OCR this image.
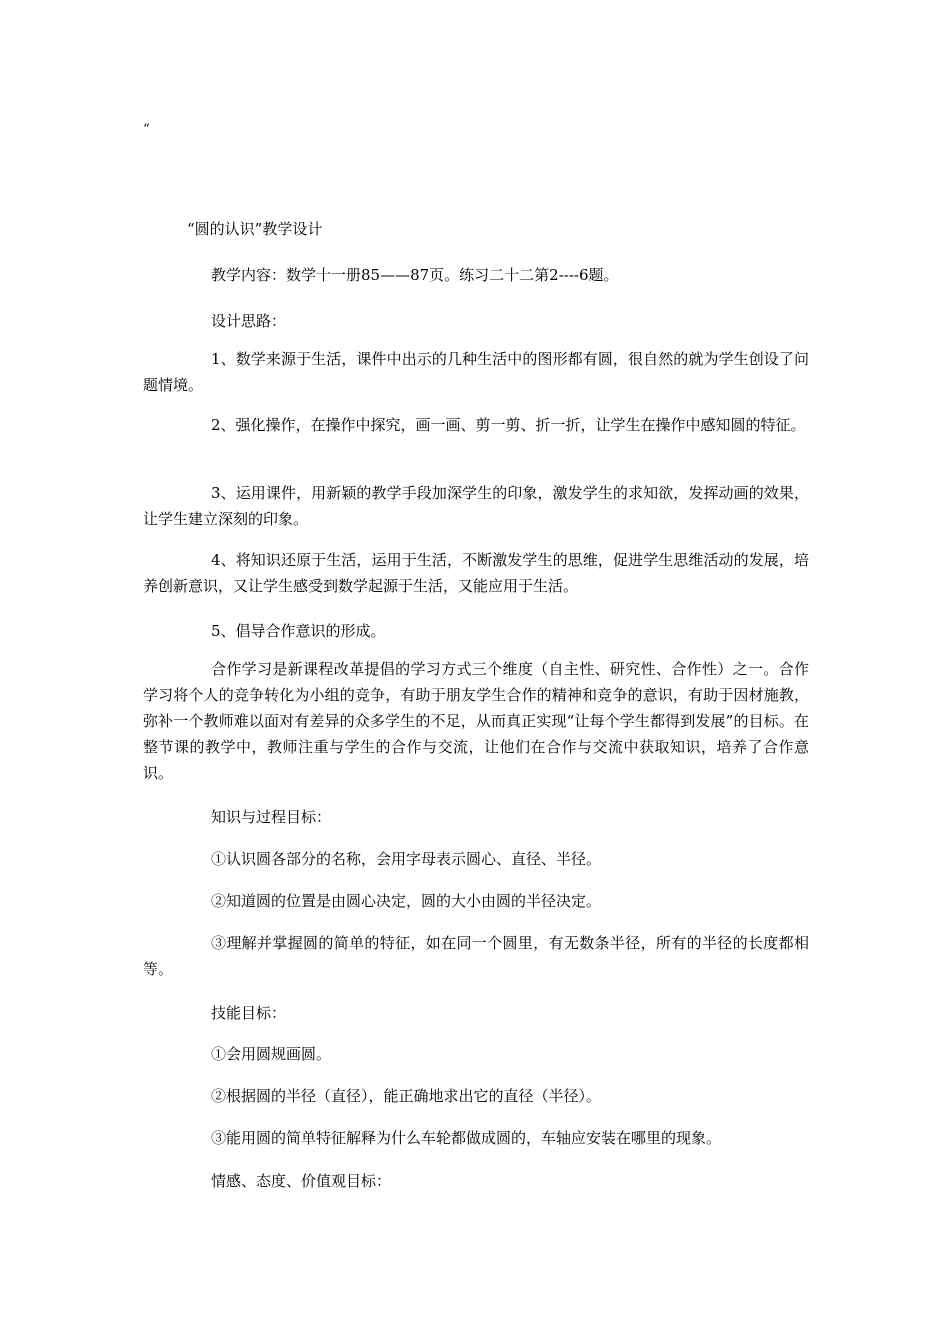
“
“圆的认识”教学设计

教学内容：数学十一册85——87页。练习二十二第2----6题。

设计思路：

1、数学来源于生活，课件中出示的几种生活中的图形都有圆，很自然的就为学生创设了问题情境。

2、强化操作，在操作中探究，画一画、剪一剪、折一折，让学生在操作中感知圆的特征。

3、运用课件，用新颖的教学手段加深学生的印象，激发学生的求知欲，发挥动画的效果，让学生建立深刻的印象。

4、将知识还原于生活，运用于生活，不断激发学生的思维，促进学生思维活动的发展，培养创新意识，又让学生感受到数学起源于生活，又能应用于生活。

5、倡导合作意识的形成。

合作学习是新课程改革提倡的学习方式三个维度（自主性、研究性、合作性）之一。合作学习将个人的竞争转化为小组的竞争，有助于朋友学生合作的精神和竞争的意识，有助于因材施教，弥补一个教师难以面对有差异的众多学生的不足，从而真正实现“让每个学生都得到发展”的目标。在整节课的教学中，教师注重与学生的合作与交流，让他们在合作与交流中获取知识，培养了合作意识。

知识与过程目标：

①认识圆各部分的名称，会用字母表示圆心、直径、半径。

②知道圆的位置是由圆心决定，圆的大小由圆的半径决定。

③理解并掌握圆的简单的特征，如在同一个圆里，有无数条半径，所有的半径的长度都相等。

技能目标：

①会用圆规画圆。

②根据圆的半径（直径），能正确地求出它的直径（半径）。

③能用圆的简单特征解释为什么车轮都做成圆的，车轴应安装在哪里的现象。

情感、态度、价值观目标：
